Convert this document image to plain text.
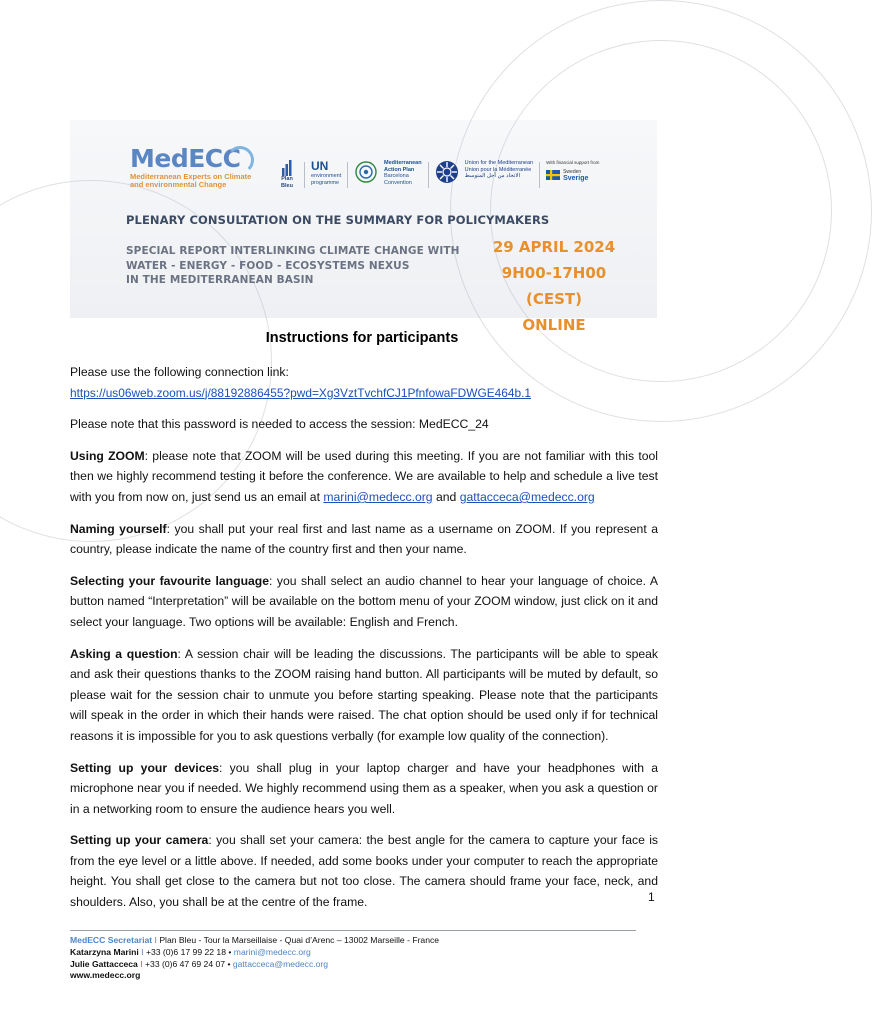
MedECC
Mediterranean Experts on Climate
and environmental Change
Plan Bleu
UN
environment programme
Mediterranean
Action Plan
Barcelona
Convention
Union for the Mediterranean
Union pour la Méditerranée
الاتحاد من أجل المتوسط
With financial support from
Sweden
Sverige
PLENARY CONSULTATION ON THE SUMMARY FOR POLICYMAKERS
SPECIAL REPORT INTERLINKING CLIMATE CHANGE WITH
WATER - ENERGY - FOOD - ECOSYSTEMS NEXUS
IN THE MEDITERRANEAN BASIN
29 APRIL 2024
9H00-17H00 (CEST)
ONLINE
Instructions for participants

Please use the following connection link:
https://us06web.zoom.us/j/88192886455?pwd=Xg3VztTvchfCJ1PfnfowaFDWGE464b.1

Please note that this password is needed to access the session: MedECC_24

Using ZOOM: please note that ZOOM will be used during this meeting. If you are not familiar with this tool then we highly recommend testing it before the conference. We are available to help and schedule a live test with you from now on, just send us an email at marini@medecc.org and gattacceca@medecc.org

Naming yourself: you shall put your real first and last name as a username on ZOOM. If you represent a country, please indicate the name of the country first and then your name.

Selecting your favourite language: you shall select an audio channel to hear your language of choice. A button named “Interpretation” will be available on the bottom menu of your ZOOM window, just click on it and select your language. Two options will be available: English and French.

Asking a question: A session chair will be leading the discussions. The participants will be able to speak and ask their questions thanks to the ZOOM raising hand button. All participants will be muted by default, so please wait for the session chair to unmute you before starting speaking. Please note that the participants will speak in the order in which their hands were raised. The chat option should be used only if for technical reasons it is impossible for you to ask questions verbally (for example low quality of the connection).

Setting up your devices: you shall plug in your laptop charger and have your headphones with a microphone near you if needed. We highly recommend using them as a speaker, when you ask a question or in a networking room to ensure the audience hears you well.

Setting up your camera: you shall set your camera: the best angle for the camera to capture your face is from the eye level or a little above. If needed, add some books under your computer to reach the appropriate height. You shall get close to the camera but not too close. The camera should frame your face, neck, and shoulders. Also, you shall be at the centre of the frame.	1
MedECC Secretariat I Plan Bleu - Tour la Marseillaise - Quai d’Arenc – 13002 Marseille - France
Katarzyna Marini I +33 (0)6 17 99 22 18 • marini@medecc.org
Julie Gattacceca I +33 (0)6 47 69 24 07 • gattacceca@medecc.org
www.medecc.org
